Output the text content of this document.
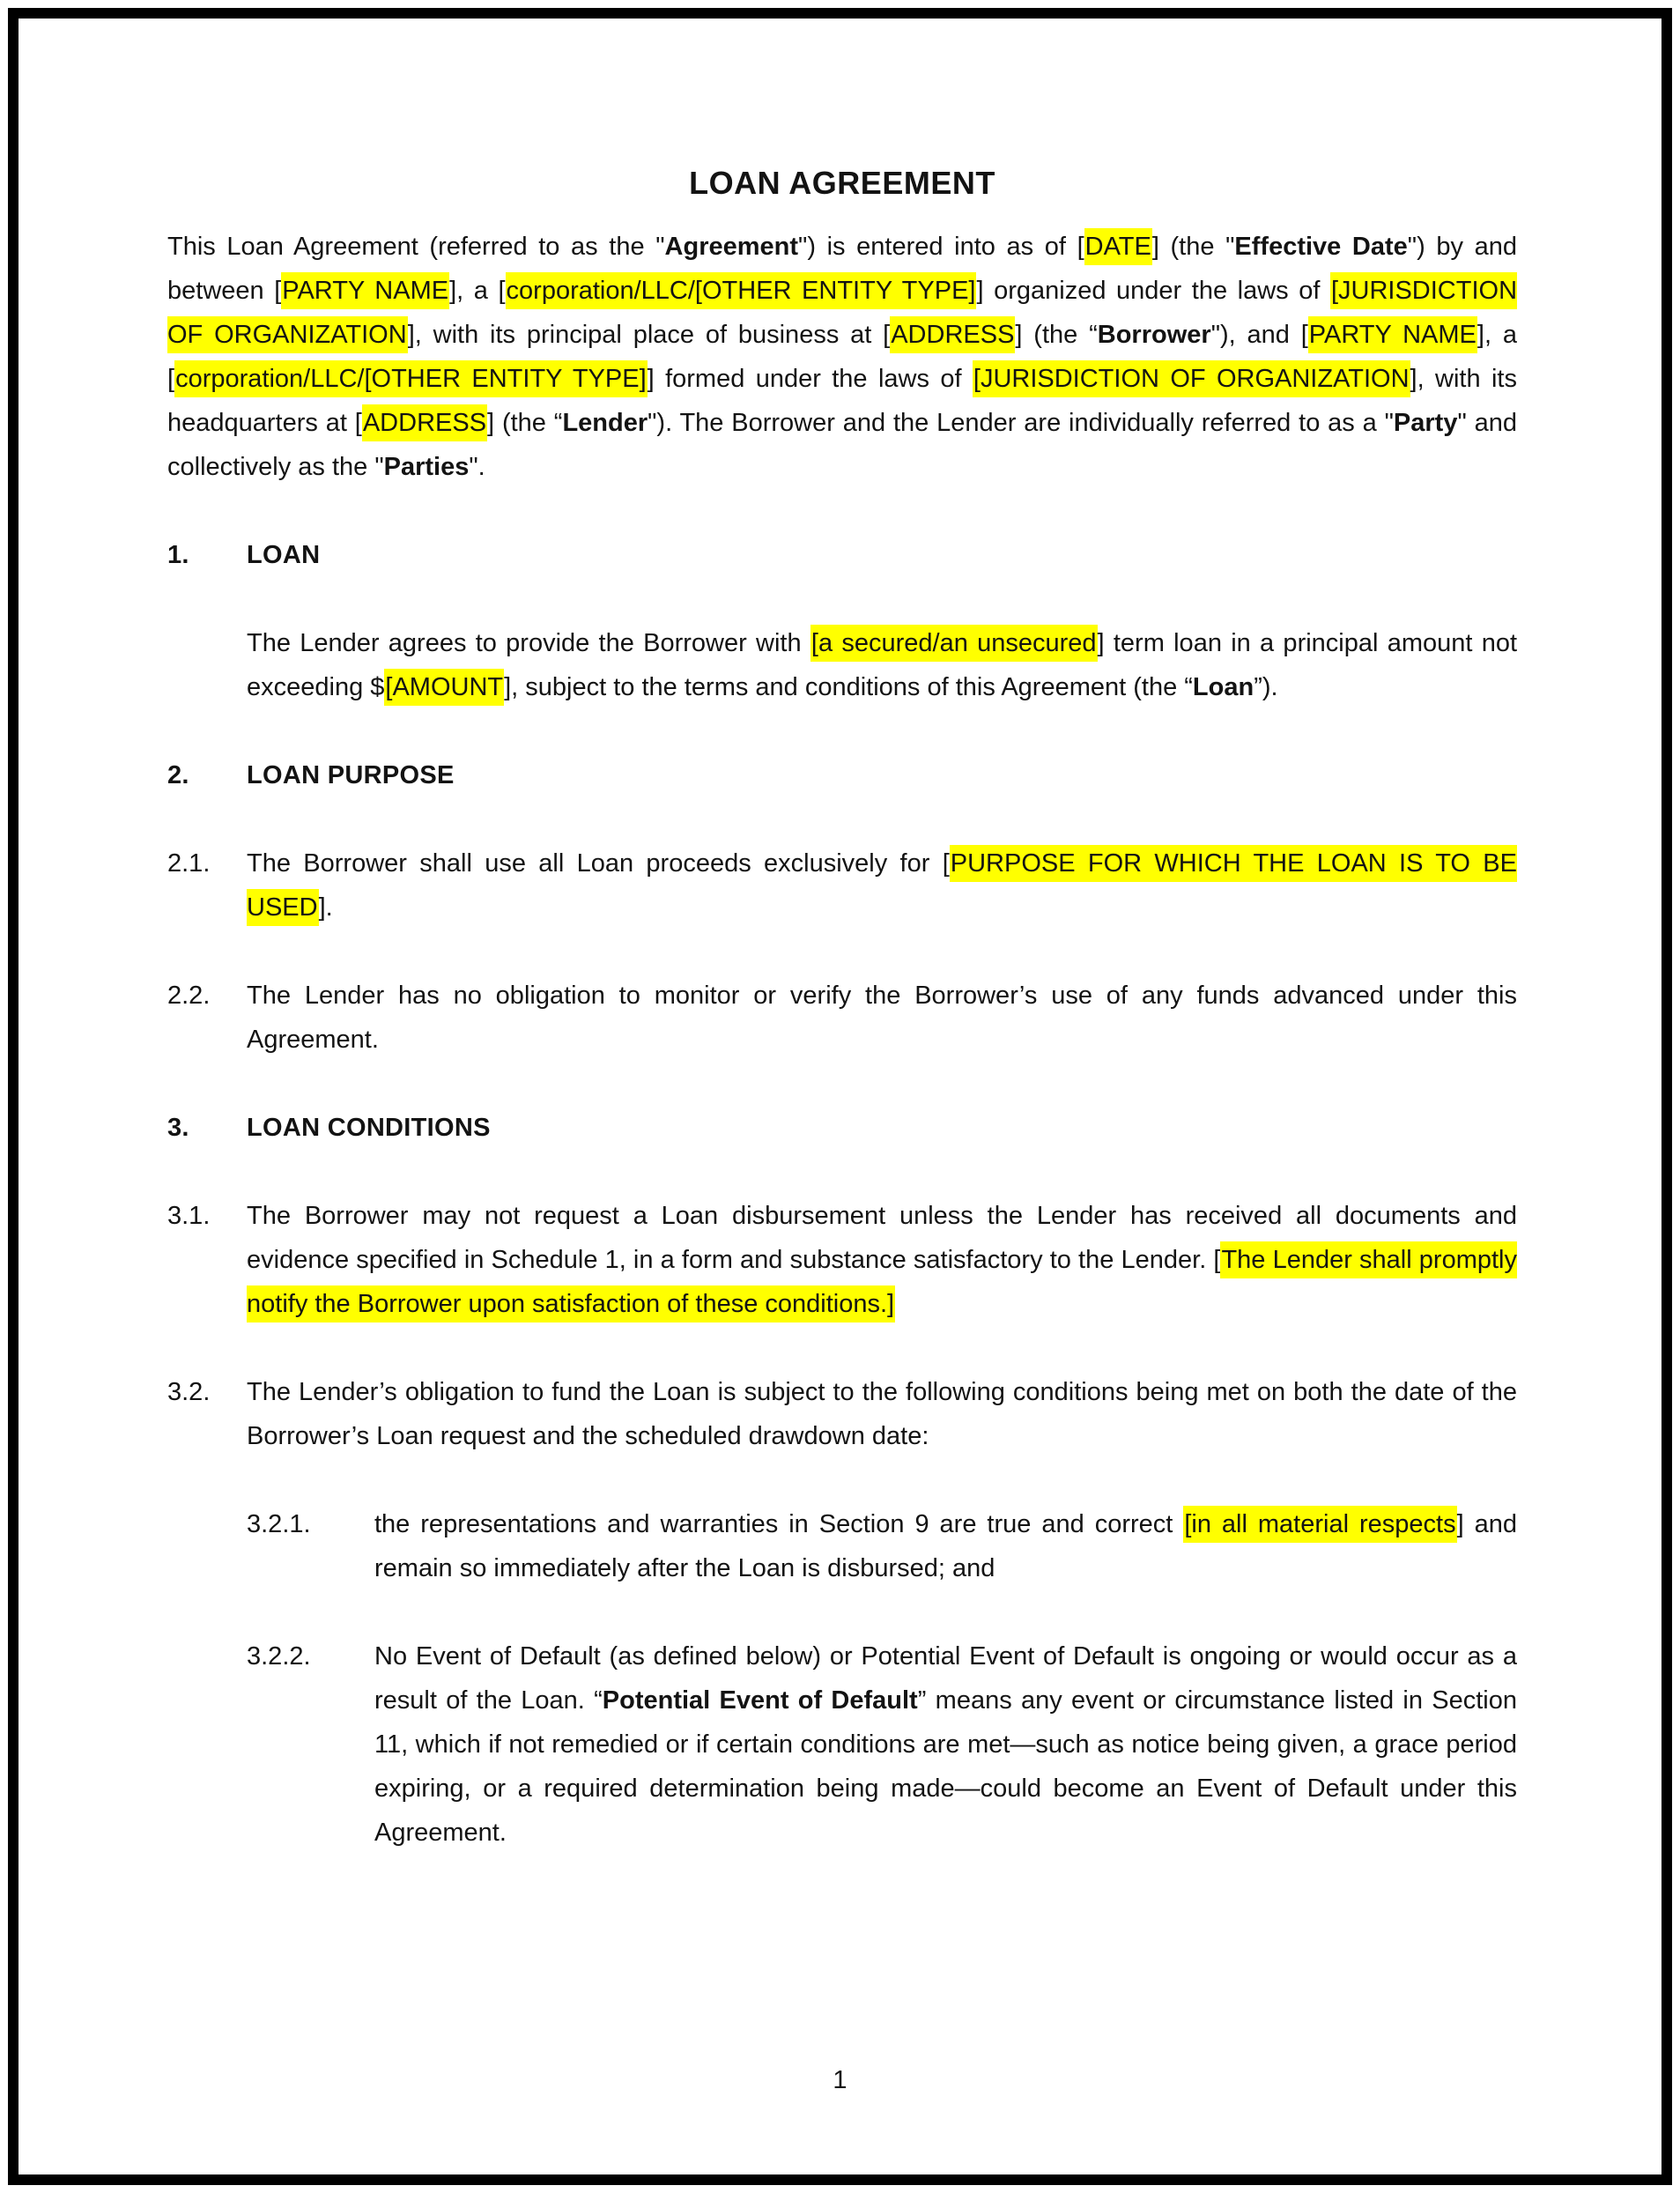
LOAN AGREEMENT
This Loan Agreement (referred to as the "Agreement") is entered into as of [DATE] (the "Effective Date") by and between [PARTY NAME], a [corporation/LLC/[OTHER ENTITY TYPE]] organized under the laws of [JURISDICTION OF ORGANIZATION], with its principal place of business at [ADDRESS] (the “Borrower"), and [PARTY NAME], a [corporation/LLC/[OTHER ENTITY TYPE]] formed under the laws of [JURISDICTION OF ORGANIZATION], with its headquarters at [ADDRESS] (the “Lender"). The Borrower and the Lender are individually referred to as a "Party" and collectively as the "Parties".
1.	LOAN
The Lender agrees to provide the Borrower with [a secured/an unsecured] term loan in a principal amount not exceeding $[AMOUNT], subject to the terms and conditions of this Agreement (the “Loan”).
2.	LOAN PURPOSE
2.1.	The Borrower shall use all Loan proceeds exclusively for [PURPOSE FOR WHICH THE LOAN IS TO BE USED].
2.2.	The Lender has no obligation to monitor or verify the Borrower’s use of any funds advanced under this Agreement.
3.	LOAN CONDITIONS
3.1.	The Borrower may not request a Loan disbursement unless the Lender has received all documents and evidence specified in Schedule 1, in a form and substance satisfactory to the Lender. [The Lender shall promptly notify the Borrower upon satisfaction of these conditions.]
3.2.	The Lender’s obligation to fund the Loan is subject to the following conditions being met on both the date of the Borrower’s Loan request and the scheduled drawdown date:
3.2.1.	the representations and warranties in Section 9 are true and correct [in all material respects] and remain so immediately after the Loan is disbursed; and
3.2.2.	No Event of Default (as defined below) or Potential Event of Default is ongoing or would occur as a result of the Loan. “Potential Event of Default” means any event or circumstance listed in Section 11, which if not remedied or if certain conditions are met—such as notice being given, a grace period expiring, or a required determination being made—could become an Event of Default under this Agreement.
1
